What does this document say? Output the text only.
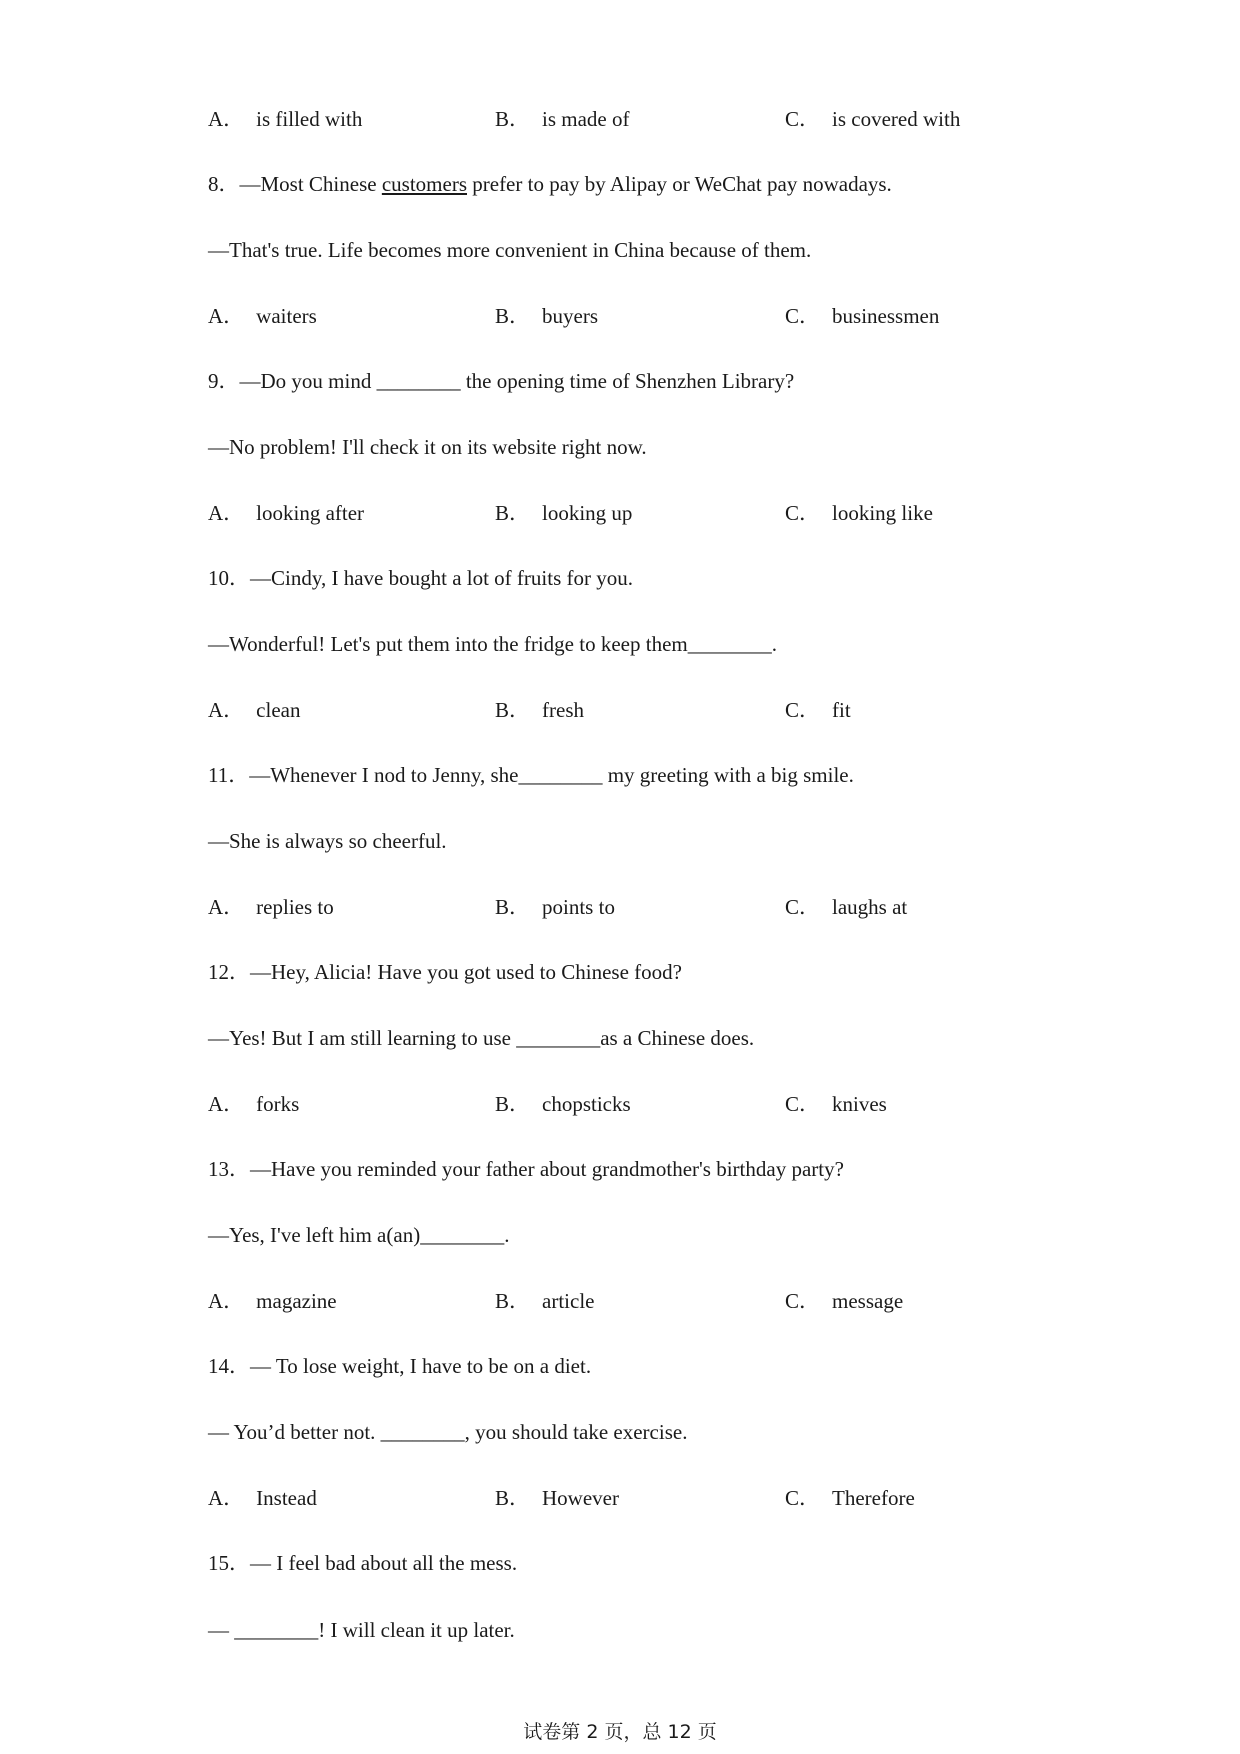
A． is filled with	B． is made of	C． is covered with
8．—Most Chinese customers prefer to pay by Alipay or WeChat pay nowadays.
—That's true. Life becomes more convenient in China because of them.
A． waiters	B． buyers	C． businessmen
9．—Do you mind ________ the opening time of Shenzhen Library?
—No problem! I'll check it on its website right now.
A． looking after	B． looking up	C． looking like
10．—Cindy, I have bought a lot of fruits for you.
—Wonderful! Let's put them into the fridge to keep them________.
A． clean	B． fresh	C． fit
11．—Whenever I nod to Jenny, she________ my greeting with a big smile.
—She is always so cheerful.
A． replies to	B． points to	C． laughs at
12．—Hey, Alicia! Have you got used to Chinese food?
—Yes! But I am still learning to use ________as a Chinese does.
A． forks	B． chopsticks	C． knives
13．—Have you reminded your father about grandmother's birthday party?
—Yes, I've left him a(an)________.
A． magazine	B． article	C． message
14．— To lose weight, I have to be on a diet.
— You’d better not. ________, you should take exercise.
A． Instead	B． However	C． Therefore
15．— I feel bad about all the mess.
— ________! I will clean it up later.
试卷第 2 页，总 12 页
